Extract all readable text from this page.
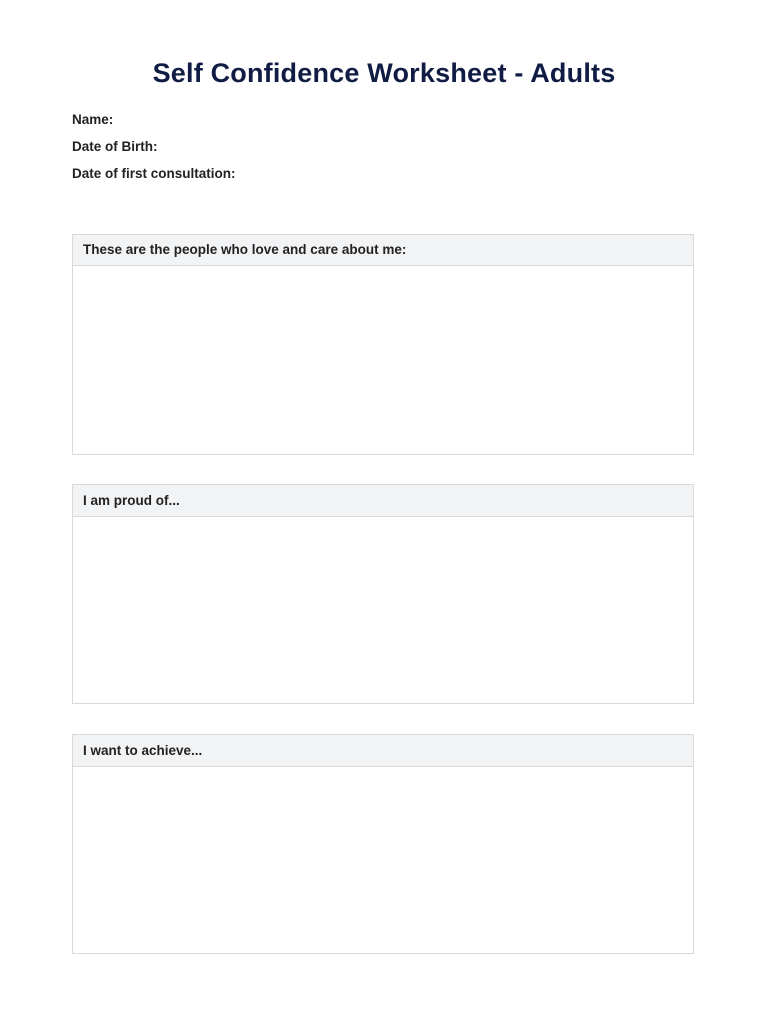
Self Confidence Worksheet - Adults
Name:
Date of Birth:
Date of first consultation:
These are the people who love and care about me:
I am proud of...
I want to achieve...
